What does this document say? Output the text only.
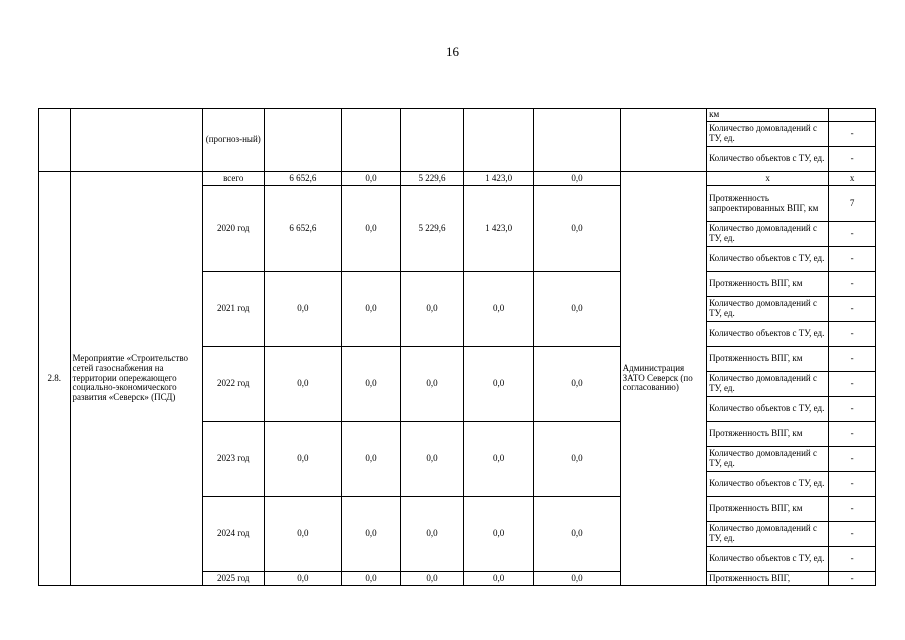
16
		(прогноз-ный)							км	
									Количество домовладений с ТУ, ед.	-
									Количество объектов с ТУ, ед.	-
2.8.	Мероприятие «Строительство сетей газоснабжения на территории опережающего социально-экономического развития «Северск» (ПСД)	всего	6 652,6	0,0	5 229,6	1 423,0	0,0	Администрация ЗАТО Северск (по согласованию)	х	х
		2020 год	6 652,6	0,0	5 229,6	1 423,0	0,0		Протяженность запроектированных ВПГ, км	7
									Количество домовладений с ТУ, ед.	-
									Количество объектов с ТУ, ед.	-
		2021 год	0,0	0,0	0,0	0,0	0,0		Протяженность ВПГ, км	-
									Количество домовладений с ТУ, ед.	-
									Количество объектов с ТУ, ед.	-
		2022 год	0,0	0,0	0,0	0,0	0,0		Протяженность ВПГ, км	-
									Количество домовладений с ТУ, ед.	-
									Количество объектов с ТУ, ед.	-
		2023 год	0,0	0,0	0,0	0,0	0,0		Протяженность ВПГ, км	-
									Количество домовладений с ТУ, ед.	-
									Количество объектов с ТУ, ед.	-
		2024 год	0,0	0,0	0,0	0,0	0,0		Протяженность ВПГ, км	-
									Количество домовладений с ТУ, ед.	-
									Количество объектов с ТУ, ед.	-
		2025 год	0,0	0,0	0,0	0,0	0,0		Протяженность ВПГ,	-
